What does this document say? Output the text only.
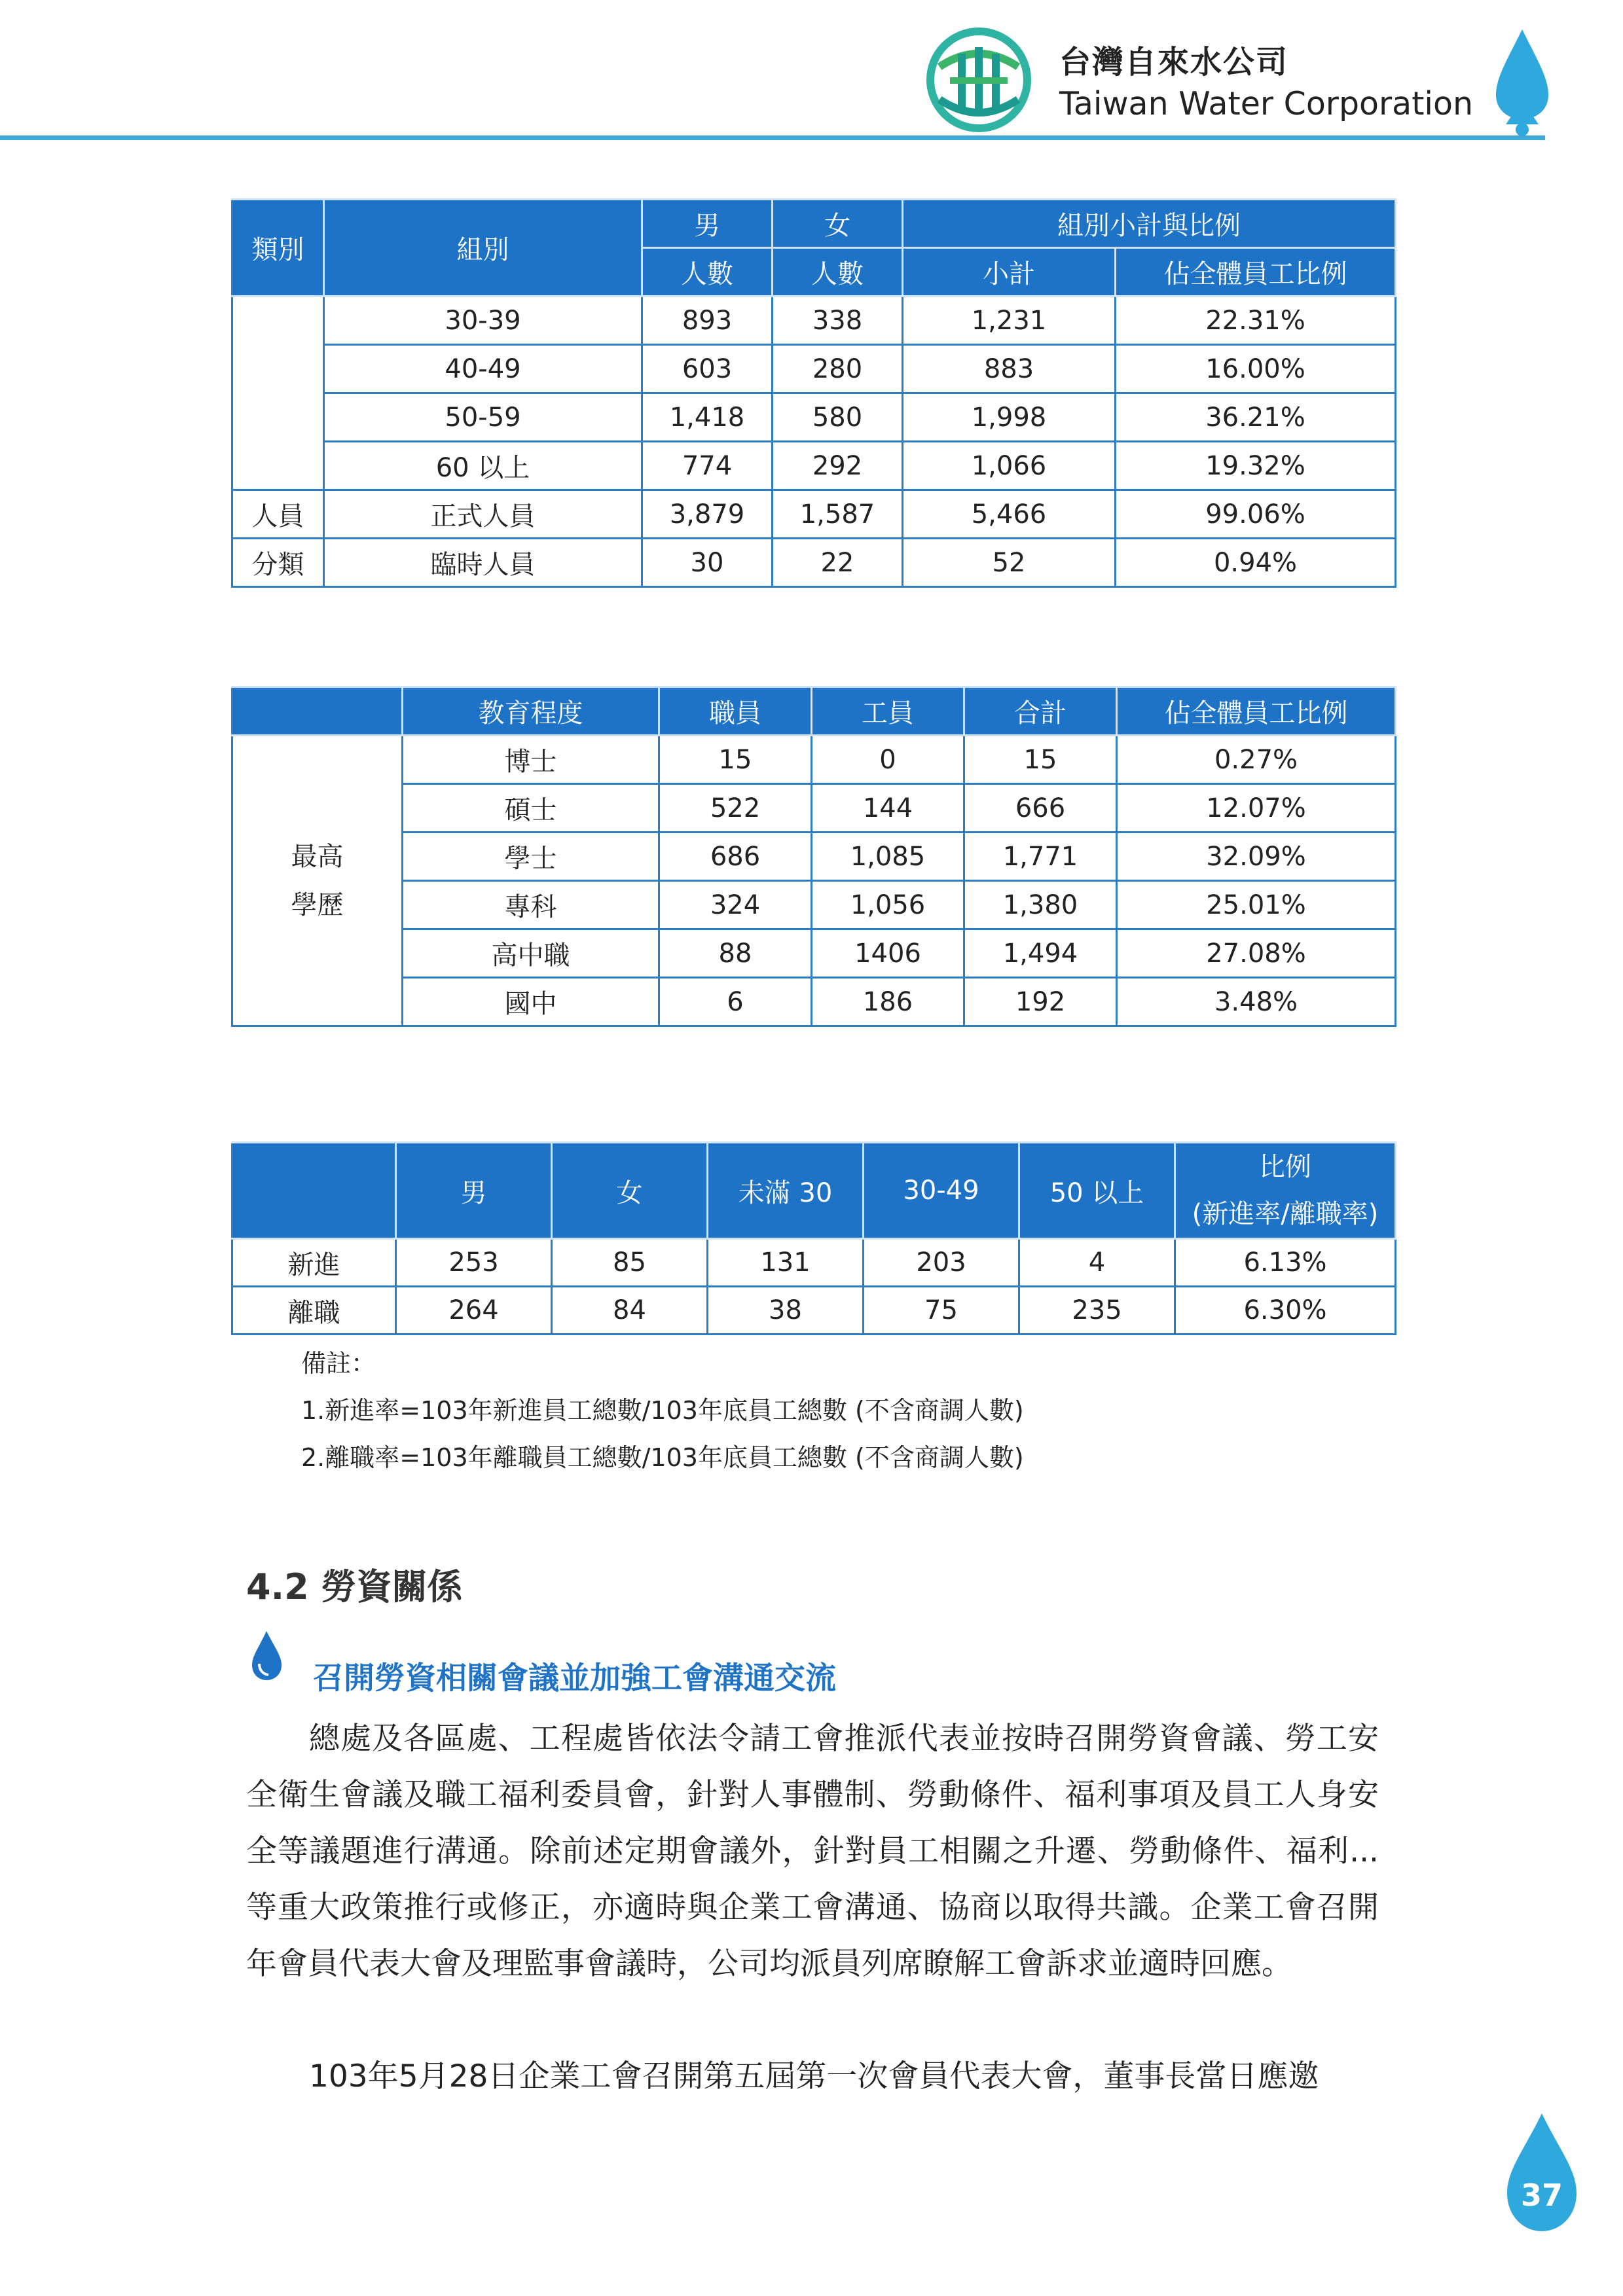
台灣自來水公司
Taiwan Water Corporation
類別	組別	男	女	組別小計與比例	
		人數	人數	小計	佔全體員工比例
	30-39	893	338	1,231	22.31%
	40-49	603	280	883	16.00%
	50-59	1,418	580	1,998	36.21%
	60 以上	774	292	1,066	19.32%
人員	正式人員	3,879	1,587	5,466	99.06%
分類	臨時人員	30	22	52	0.94%
	教育程度	職員	工員	合計	佔全體員工比例
最高
學歷	博士	15	0	15	0.27%
	碩士	522	144	666	12.07%
	學士	686	1,085	1,771	32.09%
	專科	324	1,056	1,380	25.01%
	高中職	88	1406	1,494	27.08%
	國中	6	186	192	3.48%
	男	女	未滿 30	30-49	50 以上	比例
(新進率/離職率)
新進	253	85	131	203	4	6.13%
離職	264	84	38	75	235	6.30%
備註：
1.新進率=103年新進員工總數/103年底員工總數 (不含商調人數)
2.離職率=103年離職員工總數/103年底員工總數 (不含商調人數)
4.2 勞資關係
召開勞資相關會議並加強工會溝通交流

總處及各區處、工程處皆依法令請工會推派代表並按時召開勞資會議、勞工安全衛生會議及職工福利委員會，針對人事體制、勞動條件、福利事項及員工人身安全等議題進行溝通。除前述定期會議外，針對員工相關之升遷、勞動條件、福利...等重大政策推行或修正，亦適時與企業工會溝通、協商以取得共識。企業工會召開年會員代表大會及理監事會議時，公司均派員列席瞭解工會訴求並適時回應。

103年5月28日企業工會召開第五屆第一次會員代表大會，董事長當日應邀

37
